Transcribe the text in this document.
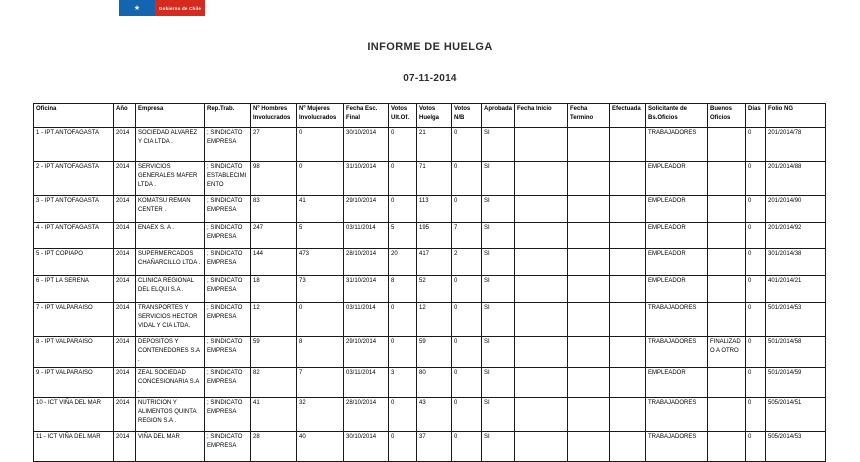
★	Gobierno de Chile
INFORME DE HUELGA
07-11-2014
Oficina	Año	Empresa	Rep.Trab.	Nº Hombres Involucrados	Nº Mujeres Involucrados	Fecha Esc. Final	Votos Ult.Of.	Votos Huelga	Votos N/B	Aprobada	Fecha Inicio	Fecha Termino	Efectuada	Solicitante de Bs.Oficios	Buenos Oficios	Días	Folio NG
1 - IPT ANTOFAGASTA	2014	SOCIEDAD ALVAREZ Y CIA LTDA .	; SINDICATO EMPRESA	27	0	30/10/2014	0	21	0	SI				TRABAJADORES		0	201/2014/78
2 - IPT ANTOFAGASTA	2014	SERVICIOS GENERALES MAFER LTDA .	; SINDICATO ESTABLECIMIENTO	98	0	31/10/2014	0	71	0	SI				EMPLEADOR		0	201/2014/88
3 - IPT ANTOFAGASTA	2014	KOMATSU REMAN CENTER .	; SINDICATO EMPRESA	83	41	29/10/2014	0	113	0	SI				EMPLEADOR		0	201/2014/90
4 - IPT ANTOFAGASTA	2014	ENAEX S. A .	; SINDICATO EMPRESA	247	5	03/11/2014	5	195	7	SI				EMPLEADOR		0	201/2014/92
5 - IPT COPIAPO	2014	SUPERMERCADOS CHAÑARCILLO LTDA .	; SINDICATO EMPRESA	144	473	28/10/2014	20	417	2	SI				EMPLEADOR		0	301/2014/38
6 - IPT LA SERENA	2014	CLINICA REGIONAL DEL ELQUI S.A .	; SINDICATO EMPRESA	18	73	31/10/2014	8	52	0	SI				EMPLEADOR		0	401/2014/21
7 - IPT VALPARAISO	2014	TRANSPORTES Y SERVICIOS HECTOR VIDAL Y CIA LTDA.	; SINDICATO EMPRESA	12	0	03/11/2014	0	12	0	SI				TRABAJADORES		0	501/2014/53
8 - IPT VALPARAISO	2014	DEPOSITOS Y CONTENEDORES S.A .	; SINDICATO EMPRESA	59	8	29/10/2014	0	59	0	SI				TRABAJADORES	FINALIZADO A OTRO	0	501/2014/58
9 - IPT VALPARAISO	2014	ZEAL SOCIEDAD CONCESIONARIA S.A .	; SINDICATO EMPRESA	82	7	03/11/2014	3	80	0	SI				EMPLEADOR		0	501/2014/59
10 - ICT VIÑA DEL MAR	2014	NUTRICION Y ALIMENTOS QUINTA REGION S.A .	; SINDICATO EMPRESA	41	32	28/10/2014	0	43	0	SI				TRABAJADORES		0	505/2014/51
11 - ICT VIÑA DEL MAR	2014	VIÑA DEL MAR	; SINDICATO EMPRESA	28	40	30/10/2014	0	37	0	SI				TRABAJADORES		0	505/2014/53
